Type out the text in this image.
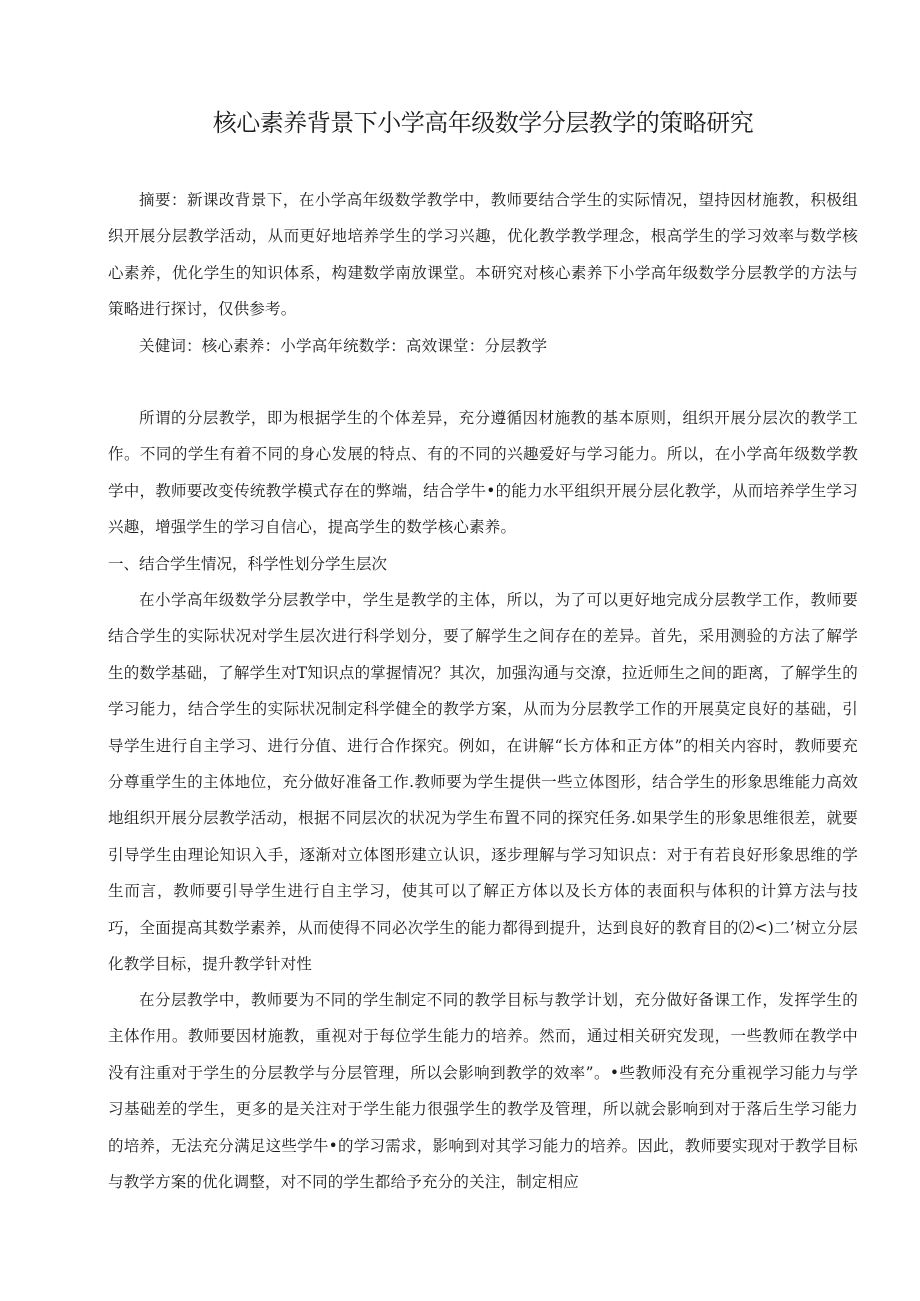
核心素养背景下小学高年级数学分层教学的策略研究

摘要：新课改背景下，在小学高年级数学教学中，教师要结合学生的实际情况，望持因材施教，积极组织开展分层教学活动，从而更好地培养学生的学习兴趣，优化教学教学理念，根高学生的学习效率与数学核心素养，优化学生的知识体系，构建数学南放课堂。本研究对核心素养下小学高年级数学分层教学的方法与策略进行探讨，仅供参考。

关健词：核心素养：小学高年统数学：高效课堂：分层教学

所谓的分层教学，即为根据学生的个体差异，充分遵循因材施教的基本原则，组织开展分层次的教学工作。不同的学生有着不同的身心发展的特点、有的不同的兴趣爱好与学习能力。所以，在小学高年级数学教学中，教师要改变传统教学模式存在的弊端，结合学牛•的能力水平组织开展分层化教学，从而培养学生学习兴趣，增强学生的学习自信心，提高学生的数学核心素养。

一、结合学生情况，科学性划分学生层次

在小学高年级数学分层教学中，学生是教学的主体，所以，为了可以更好地完成分层教学工作，教师要结合学生的实际状况对学生层次进行科学划分，要了解学生之间存在的差异。首先，采用测验的方法了解学生的数学基础，了解学生对T知识点的掌握情况？其次，加强沟通与交潦，拉近师生之间的距离，了解学生的学习能力，结合学生的实际状况制定科学健全的教学方案，从而为分层教学工作的开展莫定良好的基础，引导学生进行自主学习、进行分值、进行合作探究。例如，在讲解“长方体和正方体”的相关内容时，教师要充分尊重学生的主体地位，充分做好准备工作.教师要为学生提供一些立体图形，结合学生的形象思维能力高效地组织开展分层教学活动，根据不同层次的状况为学生布置不同的探究任务.如果学生的形象思维很差，就要引导学生由理论知识入手，逐渐对立体图形建立认识，逐步理解与学习知识点：对于有若良好形象思维的学生而言，教师要引导学生进行自主学习，使其可以了解正方体以及长方体的表面积与体积的计算方法与技巧，全面提高其数学素养，从而使得不同必次学生的能力都得到提升，达到良好的教育目的⑵<)二’树立分层化教学目标，提升教学针对性

在分层教学中，教师要为不同的学生制定不同的教学目标与教学计划，充分做好备课工作，发挥学生的主体作用。教师要因材施教，重视对于每位学生能力的培养。然而，通过相关研究发现，一些教师在教学中没有注重对于学生的分层教学与分层管理，所以会影响到教学的效率”。•些教师没有充分重视学习能力与学习基础差的学生，更多的是关注对于学生能力很强学生的教学及管理，所以就会影响到对于落后生学习能力的培养，无法充分满足这些学牛•的学习需求，影响到对其学习能力的培养。因此，教师要实现对于教学目标与教学方案的优化调整，对不同的学生都给予充分的关注，制定相应
